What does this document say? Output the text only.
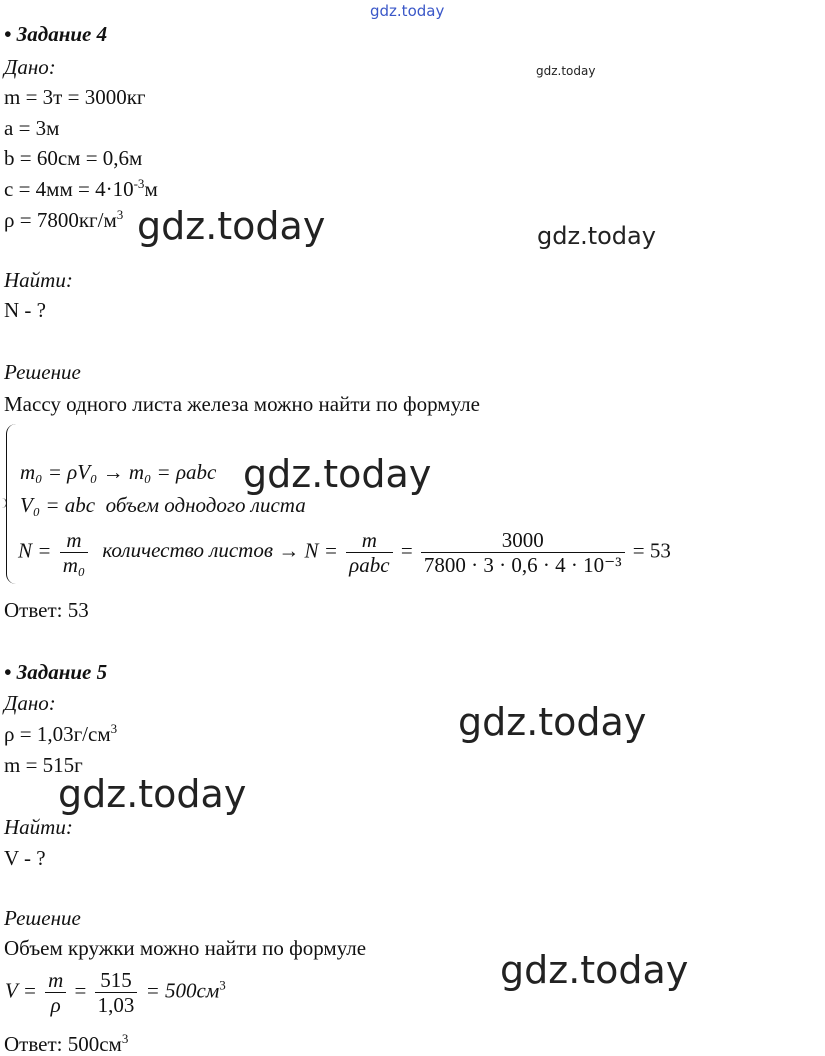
gdz.today
gdz.today
gdz.today	gdz.today
gdz.today
gdz.today
gdz.today
gdz.today
• Задание 4
Дано:
m = 3т = 3000кг
a = 3м
b = 60см = 0,6м
$c = 4мм = 4\cdot 10^{-3}м$
$\rho = 7800кг/м^3$
Найти:
N - ?
Решение
Массу одного листа железа можно найти по формуле
m₀ = ρV₀ → m₀ = ρabc
V₀ = abc объем однодого листа
$N = \frac{m}{\text{m₀}}$ количество листов → $N = \frac{m}{\text{ρabc}} = \frac{3000}{\text{7800 · 3 · 0,6 · 4 · 10⁻³}} = 53$
Ответ: 53
• Задание 5
Дано:
$\rho = 1,03г/см^3$
m = 515г
Найти:
V - ?
Решение
Объем кружки можно найти по формуле
$V = \frac{m}{\rho} = \frac{515}{1,03} = 500см^3$
Ответ: $500см^3$
